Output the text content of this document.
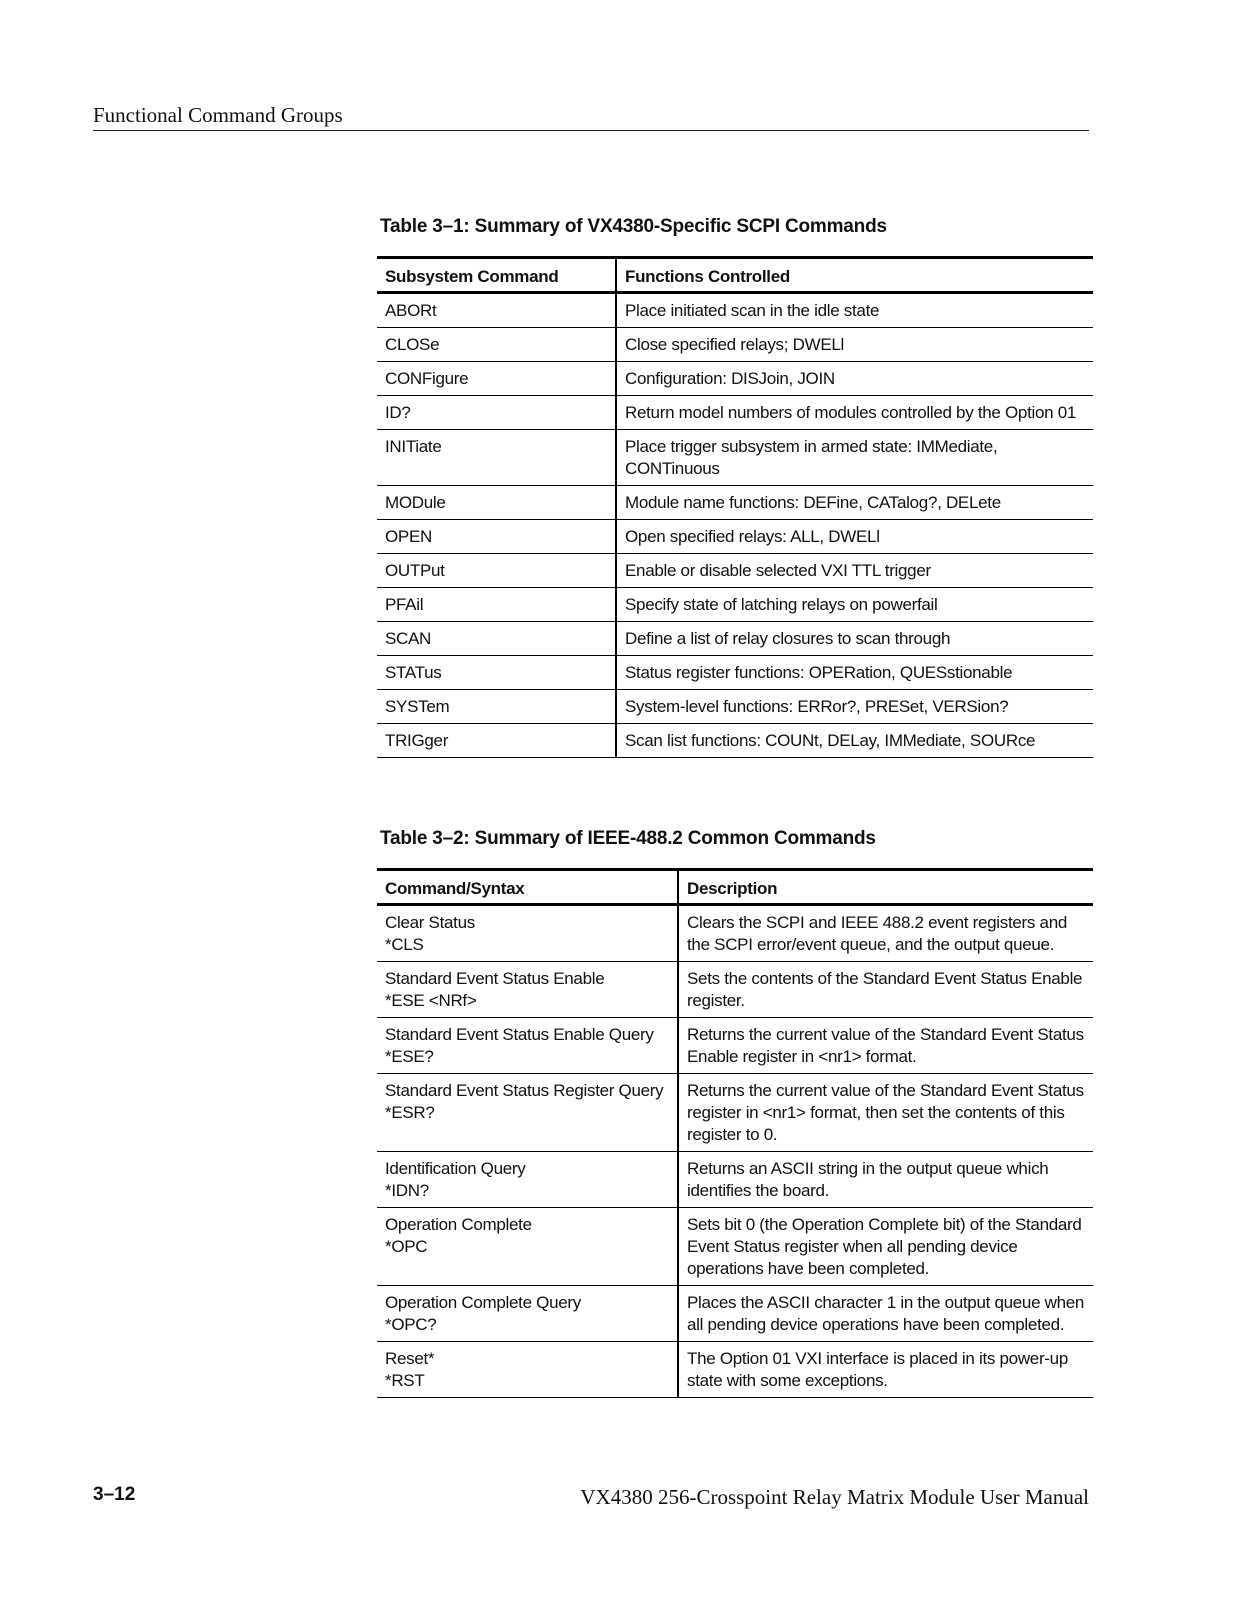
Functional Command Groups
Table 3–1: Summary of VX4380-Specific SCPI Commands
Subsystem Command	Functions Controlled
ABORt	Place initiated scan in the idle state
CLOSe	Close specified relays; DWELl
CONFigure	Configuration: DISJoin, JOIN
ID?	Return model numbers of modules controlled by the Option 01
INITiate	Place trigger subsystem in armed state: IMMediate, CONTinuous
MODule	Module name functions: DEFine, CATalog?, DELete
OPEN	Open specified relays: ALL, DWELl
OUTPut	Enable or disable selected VXI TTL trigger
PFAil	Specify state of latching relays on powerfail
SCAN	Define a list of relay closures to scan through
STATus	Status register functions: OPERation, QUESstionable
SYSTem	System-level functions: ERRor?, PRESet, VERSion?
TRIGger	Scan list functions: COUNt, DELay, IMMediate, SOURce
Table 3–2: Summary of IEEE-488.2 Common Commands
Command/Syntax	Description

Clear Status
*CLS	Clears the SCPI and IEEE 488.2 event registers and the SCPI error/event queue, and the output queue.

Standard Event Status Enable
*ESE <NRf>	Sets the contents of the Standard Event Status Enable register.

Standard Event Status Enable Query
*ESE?	Returns the current value of the Standard Event Status Enable register in <nr1> format.

Standard Event Status Register Query
*ESR?	Returns the current value of the Standard Event Status register in <nr1> format, then set the contents of this register to 0.

Identification Query
*IDN?	Returns an ASCII string in the output queue which identifies the board.

Operation Complete
*OPC	Sets bit 0 (the Operation Complete bit) of the Standard Event Status register when all pending device operations have been completed.

Operation Complete Query
*OPC?	Places the ASCII character 1 in the output queue when all pending device operations have been completed.

Reset*
*RST	The Option 01 VXI interface is placed in its power-up state with some exceptions.
3–12	VX4380 256-Crosspoint Relay Matrix Module User Manual
